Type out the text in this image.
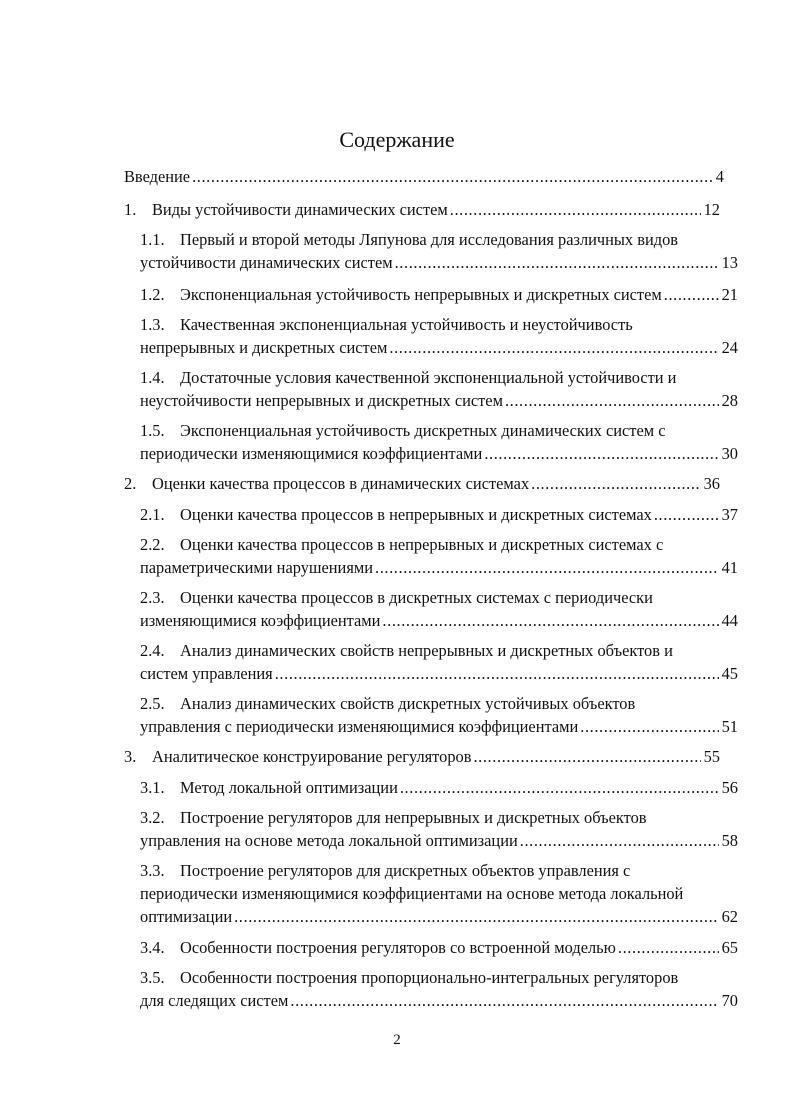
Содержание
Введение .....	4
1. Виды устойчивости динамических систем .....	12
1.1. Первый и второй методы Ляпунова для исследования различных видов
устойчивости динамических систем .....	13
1.2. Экспоненциальная устойчивость непрерывных и дискретных систем .....	21
1.3. Качественная экспоненциальная устойчивость и неустойчивость
непрерывных и дискретных систем .....	24
1.4. Достаточные условия качественной экспоненциальной устойчивости и
неустойчивости непрерывных и дискретных систем .....	28
1.5. Экспоненциальная устойчивость дискретных динамических систем с
периодически изменяющимися коэффициентами .....	30
2. Оценки качества процессов в динамических системах .....	36
2.1. Оценки качества процессов в непрерывных и дискретных системах .....	37
2.2. Оценки качества процессов в непрерывных и дискретных системах с
параметрическими нарушениями .....	41
2.3. Оценки качества процессов в дискретных системах с периодически
изменяющимися коэффициентами .....	44
2.4. Анализ динамических свойств непрерывных и дискретных объектов и
систем управления .....	45
2.5. Анализ динамических свойств дискретных устойчивых объектов
управления с периодически изменяющимися коэффициентами .....	51
3. Аналитическое конструирование регуляторов .....	55
3.1. Метод локальной оптимизации .....	56
3.2. Построение регуляторов для непрерывных и дискретных объектов
управления на основе метода локальной оптимизации .....	58
3.3. Построение регуляторов для дискретных объектов управления с
периодически изменяющимися коэффициентами на основе метода локальной
оптимизации .....	62
3.4. Особенности построения регуляторов со встроенной моделью .....	65
3.5. Особенности построения пропорционально-интегральных регуляторов
для следящих систем .....	70
2
